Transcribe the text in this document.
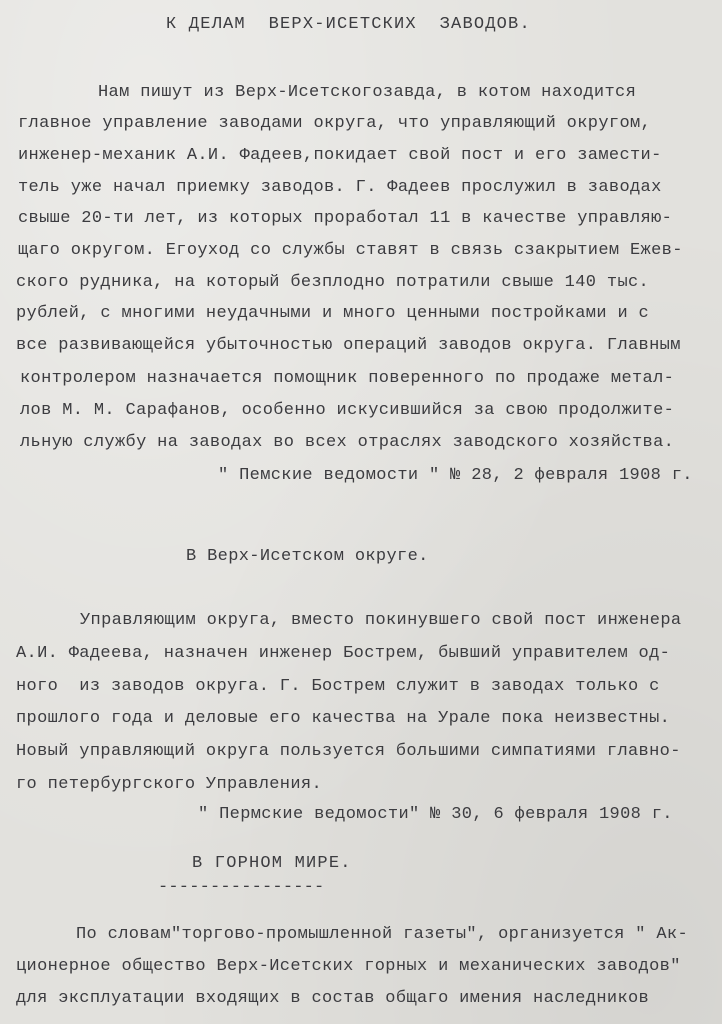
К ДЕЛАМ  ВЕРХ-ИСЕТСКИХ  ЗАВОДОВ.
Нам пишут из Верх-Исетскогозавда, в котом находится
главное управление заводами округа, что управляющий округом,
инженер-механик А.И. Фадеев,покидает свой пост и его замести-
тель уже начал приемку заводов. Г. Фадеев прослужил в заводах
свыше 20-ти лет, из которых проработал 11 в качестве управляю-
щаго округом. Егоуход со службы ставят в связь сзакрытием Ежев-
ского рудника, на который безплодно потратили свыше 140 тыс.
рублей, с многими неудачными и много ценными постройками и с
все развивающейся убыточностью операций заводов округа. Главным
контролером назначается помощник поверенного по продаже метал-
лов М. М. Сарафанов, особенно искусившийся за свою продолжите-
льную службу на заводах во всех отраслях заводского хозяйства.
" Пемские ведомости " № 28, 2 февраля 1908 г.
В Верх-Исетском округе.
Управляющим округа, вместо покинувшего свой пост инженера
А.И. Фадеева, назначен инженер Бострем, бывший управителем од-
ного  из заводов округа. Г. Бострем служит в заводах только с
прошлого года и деловые его качества на Урале пока неизвестны.
Новый управляющий округа пользуется большими симпатиями главно-
го петербургского Управления.
" Пермские ведомости" № 30, 6 февраля 1908 г.
В ГОРНОМ МИРЕ.
----------------
По словам"торгово-промышленной газеты", организуется " Ак-
ционерное общество Верх-Исетских горных и механических заводов"
для эксплуатации входящих в состав общаго имения наследников
